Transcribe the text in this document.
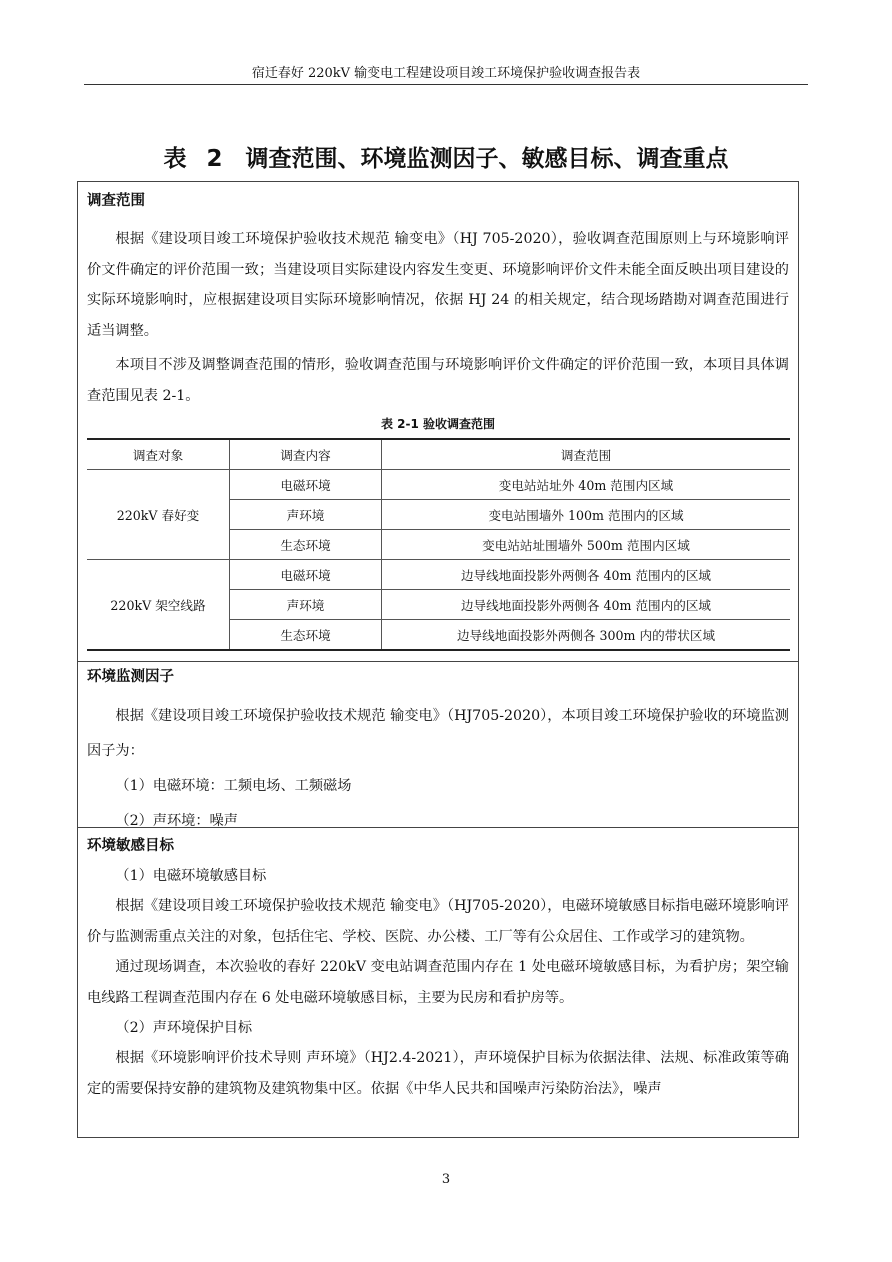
宿迁春好 220kV 输变电工程建设项目竣工环境保护验收调查报告表
表 2　调查范围、环境监测因子、敏感目标、调查重点
调查范围

根据《建设项目竣工环境保护验收技术规范 输变电》（HJ 705-2020），验收调查范围原则上与环境影响评价文件确定的评价范围一致；当建设项目实际建设内容发生变更、环境影响评价文件未能全面反映出项目建设的实际环境影响时，应根据建设项目实际环境影响情况，依据 HJ 24 的相关规定，结合现场踏勘对调查范围进行适当调整。

本项目不涉及调整调查范围的情形，验收调查范围与环境影响评价文件确定的评价范围一致，本项目具体调查范围见表 2-1。

表 2-1 验收调查范围
调查对象	调查内容	调查范围
220kV 春好变	电磁环境	变电站站址外 40m 范围内区域
	声环境	变电站围墙外 100m 范围内的区域
	生态环境	变电站站址围墙外 500m 范围内区域
220kV 架空线路	电磁环境	边导线地面投影外两侧各 40m 范围内的区域
	声环境	边导线地面投影外两侧各 40m 范围内的区域
	生态环境	边导线地面投影外两侧各 300m 内的带状区域
环境监测因子

根据《建设项目竣工环境保护验收技术规范 输变电》（HJ705-2020），本项目竣工环境保护验收的环境监测因子为：

（1）电磁环境：工频电场、工频磁场

（2）声环境：噪声

环境敏感目标

（1）电磁环境敏感目标

根据《建设项目竣工环境保护验收技术规范 输变电》（HJ705-2020），电磁环境敏感目标指电磁环境影响评价与监测需重点关注的对象，包括住宅、学校、医院、办公楼、工厂等有公众居住、工作或学习的建筑物。

通过现场调查，本次验收的春好 220kV 变电站调查范围内存在 1 处电磁环境敏感目标，为看护房；架空输电线路工程调查范围内存在 6 处电磁环境敏感目标，主要为民房和看护房等。

（2）声环境保护目标

根据《环境影响评价技术导则 声环境》（HJ2.4-2021），声环境保护目标为依据法律、法规、标准政策等确定的需要保持安静的建筑物及建筑物集中区。依据《中华人民共和国噪声污染防治法》，噪声

3
